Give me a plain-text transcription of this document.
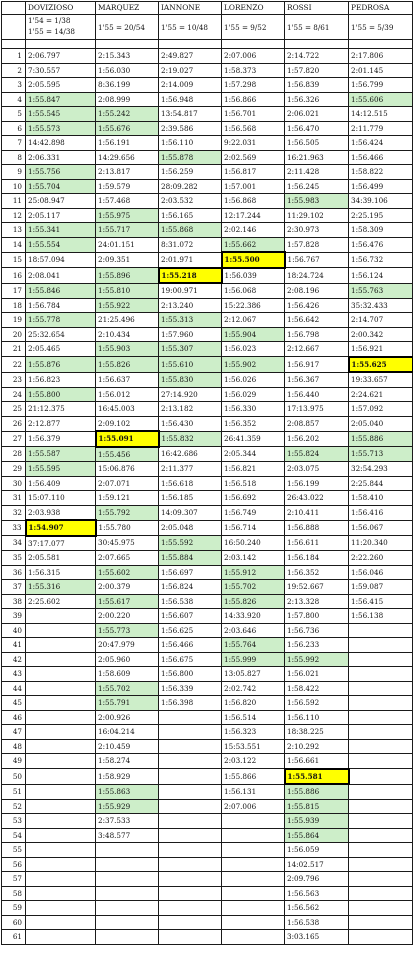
	DOVIZIOSO	MARQUEZ	IANNONE	LORENZO	ROSSI	PEDROSA
	1'54 = 1/38
1'55 = 14/38	1'55 = 20/54	1'55 = 10/48	1'55 = 9/52	1'55 = 8/61	1'55 = 5/39

1	2:06.797	2:15.343	2:49.827	2:07.006	2:14.722	2:17.806
2	7:30.557	1:56.030	2:19.027	1:58.373	1:57.820	2:01.145
3	2:05.595	8:36.199	2:14.009	1:57.298	1:56.839	1:56.799
4	1:55.847	2:08.999	1:56.948	1:56.866	1:56.326	1:55.606
5	1:55.545	1:55.242	13:54.817	1:56.701	2:06.021	14:12.515
6	1:55.573	1:55.676	2:39.586	1:56.568	1:56.470	2:11.779
7	14:42.898	1:56.191	1:56.110	9:22.031	1:56.505	1:56.424
8	2:06.331	14:29.656	1:55.878	2:02.569	16:21.963	1:56.466
9	1:55.756	2:13.817	1:56.259	1:56.817	2:11.428	1:58.822
10	1:55.704	1:59.579	28:09.282	1:57.001	1:56.245	1:56.499
11	25:08.947	1:57.468	2:03.532	1:56.868	1:55.983	34:39.106
12	2:05.117	1:55.975	1:56.165	12:17.244	11:29.102	2:25.195
13	1:55.341	1:55.717	1:55.868	2:02.146	2:30.973	1:58.309
14	1:55.554	24:01.151	8:31.072	1:55.662	1:57.828	1:56.476
15	18:57.094	2:09.351	2:01.971	1:55.500	1:56.767	1:56.732
16	2:08.041	1:55.896	1:55.218	1:56.039	18:24.724	1:56.124
17	1:55.846	1:55.810	19:00.971	1:56.068	2:08.196	1:55.763
18	1:56.784	1:55.922	2:13.240	15:22.386	1:56.426	35:32.433
19	1:55.778	21:25.496	1:55.313	2:12.067	1:56.642	2:14.707
20	25:32.654	2:10.434	1:57.960	1:55.904	1:56.798	2:00.342
21	2:05.465	1:55.903	1:55.307	1:56.023	2:12.667	1:56.921
22	1:55.876	1:55.826	1:55.610	1:55.902	1:56.917	1:55.625
23	1:56.823	1:56.637	1:55.830	1:56.026	1:56.367	19:33.657
24	1:55.800	1:56.012	27:14.920	1:56.029	1:56.440	2:24.621
25	21:12.375	16:45.003	2:13.182	1:56.330	17:13.975	1:57.092
26	2:12.877	2:09.102	1:56.430	1:56.352	2:08.857	2:05.040
27	1:56.379	1:55.091	1:55.832	26:41.359	1:56.202	1:55.886
28	1:55.587	1:55.456	16:42.686	2:05.344	1:55.824	1:55.713
29	1:55.595	15:06.876	2:11.377	1:56.821	2:03.075	32:54.293
30	1:56.409	2:07.071	1:56.618	1:56.518	1:56.199	2:25.844
31	15:07.110	1:59.121	1:56.185	1:56.692	26:43.022	1:58.410
32	2:03.938	1:55.792	14:09.307	1:56.749	2:10.411	1:56.416
33	1:54.907	1:55.780	2:05.048	1:56.714	1:56.888	1:56.067
34	37:17.077	30:45.975	1:55.592	16:50.240	1:56.611	11:20.340
35	2:05.581	2:07.665	1:55.884	2:03.142	1:56.184	2:22.260
36	1:56.315	1:55.602	1:56.697	1:55.912	1:56.352	1:56.046
37	1:55.316	2:00.379	1:56.824	1:55.702	19:52.667	1:59.087
38	2:25.602	1:55.617	1:56.538	1:55.826	2:13.328	1:56.415
39		2:00.220	1:56.607	14:33.920	1:57.800	1:56.138
40		1:55.773	1:56.625	2:03.646	1:56.736	
41		20:47.979	1:56.466	1:55.764	1:56.233	
42		2:05.960	1:56.675	1:55.999	1:55.992	
43		1:58.609	1:56.800	13:05.827	1:56.021	
44		1:55.702	1:56.339	2:02.742	1:58.422	
45		1:55.791	1:56.398	1:56.820	1:56.592	
46		2:00.926		1:56.514	1:56.110	
47		16:04.214		1:56.323	18:38.225	
48		2:10.459		15:53.551	2:10.292	
49		1:58.274		2:03.122	1:56.661	
50		1:58.929		1:55.866	1:55.581	
51		1:55.863		1:56.131	1:55.886	
52		1:55.929		2:07.006	1:55.815	
53		2:37.533			1:55.939	
54		3:48.577			1:55.864	
55					1:56.059	
56					14:02.517	
57					2:09.796	
58					1:56.563	
59					1:56.562	
60					1:56.538	
61					3:03.165	
